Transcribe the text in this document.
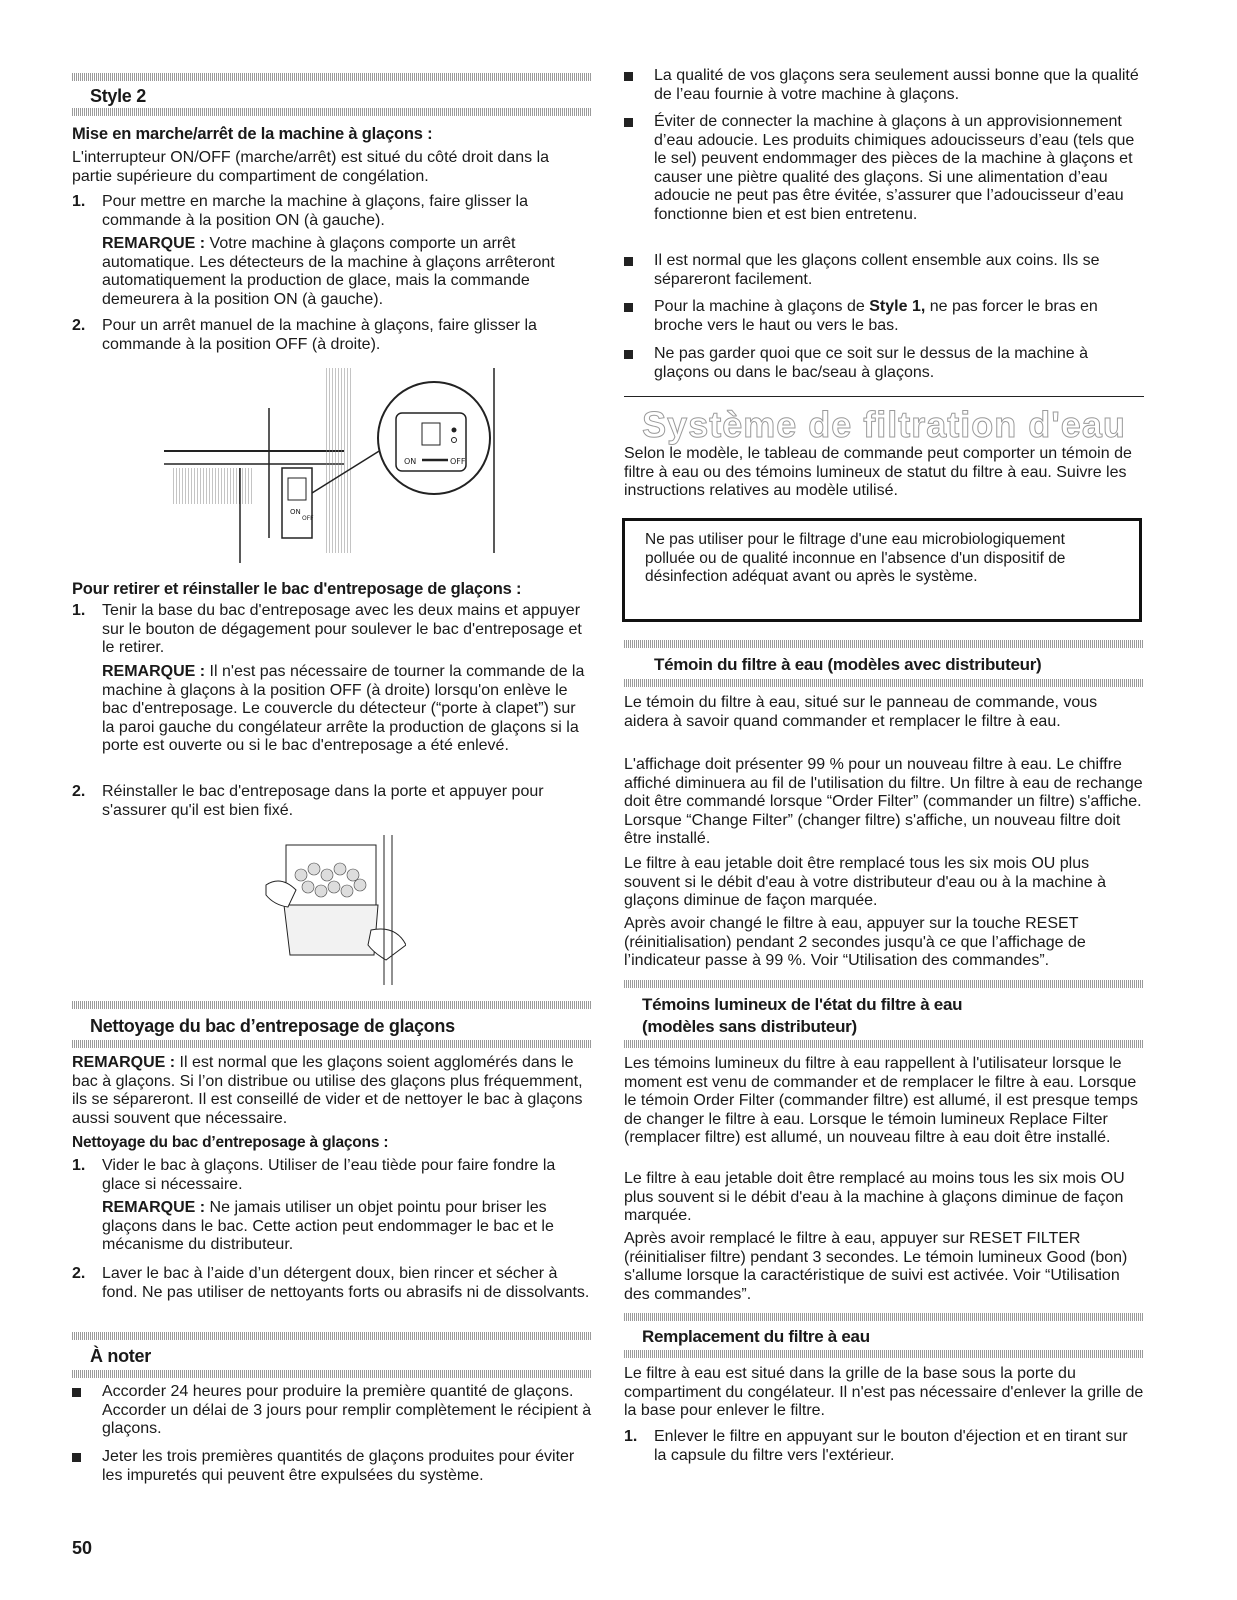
Style 2
Mise en marche/arrêt de la machine à glaçons :

L'interrupteur ON/OFF (marche/arrêt) est situé du côté droit dans la partie supérieure du compartiment de congélation.

1. Pour mettre en marche la machine à glaçons, faire glisser la commande à la position ON (à gauche).

REMARQUE : Votre machine à glaçons comporte un arrêt automatique. Les détecteurs de la machine à glaçons arrêteront automatiquement la production de glace, mais la commande demeurera à la position ON (à gauche).

2. Pour un arrêt manuel de la machine à glaçons, faire glisser la commande à la position OFF (à droite).

ON
OFF
ON	OFF
Pour retirer et réinstaller le bac d'entreposage de glaçons :
1. Tenir la base du bac d'entreposage avec les deux mains et appuyer sur le bouton de dégagement pour soulever le bac d'entreposage et le retirer.

REMARQUE : Il n'est pas nécessaire de tourner la commande de la machine à glaçons à la position OFF (à droite) lorsqu'on enlève le bac d'entreposage. Le couvercle du détecteur (“porte à clapet”) sur la paroi gauche du congélateur arrête la production de glaçons si la porte est ouverte ou si le bac d'entreposage a été enlevé.

2. Réinstaller le bac d'entreposage dans la porte et appuyer pour s'assurer qu'il est bien fixé.

Nettoyage du bac d’entreposage de glaçons

REMARQUE : Il est normal que les glaçons soient agglomérés dans le bac à glaçons. Si l’on distribue ou utilise des glaçons plus fréquemment, ils se sépareront. Il est conseillé de vider et de nettoyer le bac à glaçons aussi souvent que nécessaire.

Nettoyage du bac d’entreposage à glaçons :
1. Vider le bac à glaçons. Utiliser de l’eau tiède pour faire fondre la glace si nécessaire.

REMARQUE : Ne jamais utiliser un objet pointu pour briser les glaçons dans le bac. Cette action peut endommager le bac et le mécanisme du distributeur.

2. Laver le bac à l’aide d’un détergent doux, bien rincer et sécher à fond. Ne pas utiliser de nettoyants forts ou abrasifs ni de dissolvants.

À noter

Accorder 24 heures pour produire la première quantité de glaçons. Accorder un délai de 3 jours pour remplir complètement le récipient à glaçons.

Jeter les trois premières quantités de glaçons produites pour éviter les impuretés qui peuvent être expulsées du système.

50

La qualité de vos glaçons sera seulement aussi bonne que la qualité de l’eau fournie à votre machine à glaçons.

Éviter de connecter la machine à glaçons à un approvisionnement d’eau adoucie. Les produits chimiques adoucisseurs d’eau (tels que le sel) peuvent endommager des pièces de la machine à glaçons et causer une piètre qualité des glaçons. Si une alimentation d’eau adoucie ne peut pas être évitée, s’assurer que l’adoucisseur d’eau fonctionne bien et est bien entretenu.

Il est normal que les glaçons collent ensemble aux coins. Ils se sépareront facilement.

Pour la machine à glaçons de Style 1, ne pas forcer le bras en broche vers le haut ou vers le bas.

Ne pas garder quoi que ce soit sur le dessus de la machine à glaçons ou dans le bac/seau à glaçons.

Système de filtration d'eau

Selon le modèle, le tableau de commande peut comporter un témoin de filtre à eau ou des témoins lumineux de statut du filtre à eau. Suivre les instructions relatives au modèle utilisé.

Ne pas utiliser pour le filtrage d'une eau microbiologiquement polluée ou de qualité inconnue en l'absence d'un dispositif de désinfection adéquat avant ou après le système.

Témoin du filtre à eau (modèles avec distributeur)

Le témoin du filtre à eau, situé sur le panneau de commande, vous aidera à savoir quand commander et remplacer le filtre à eau.

L'affichage doit présenter 99 % pour un nouveau filtre à eau. Le chiffre affiché diminuera au fil de l'utilisation du filtre. Un filtre à eau de rechange doit être commandé lorsque “Order Filter” (commander un filtre) s'affiche. Lorsque “Change Filter” (changer filtre) s'affiche, un nouveau filtre doit être installé.

Le filtre à eau jetable doit être remplacé tous les six mois OU plus souvent si le débit d'eau à votre distributeur d'eau ou à la machine à glaçons diminue de façon marquée.

Après avoir changé le filtre à eau, appuyer sur la touche RESET (réinitialisation) pendant 2 secondes jusqu'à ce que l’affichage de l’indicateur passe à 99 %. Voir “Utilisation des commandes”.

Témoins lumineux de l'état du filtre à eau
(modèles sans distributeur)

Les témoins lumineux du filtre à eau rappellent à l'utilisateur lorsque le moment est venu de commander et de remplacer le filtre à eau. Lorsque le témoin Order Filter (commander filtre) est allumé, il est presque temps de changer le filtre à eau. Lorsque le témoin lumineux Replace Filter (remplacer filtre) est allumé, un nouveau filtre à eau doit être installé.

Le filtre à eau jetable doit être remplacé au moins tous les six mois OU plus souvent si le débit d'eau à la machine à glaçons diminue de façon marquée.

Après avoir remplacé le filtre à eau, appuyer sur RESET FILTER (réinitialiser filtre) pendant 3 secondes. Le témoin lumineux Good (bon) s'allume lorsque la caractéristique de suivi est activée. Voir “Utilisation des commandes”.

Remplacement du filtre à eau

Le filtre à eau est situé dans la grille de la base sous la porte du compartiment du congélateur. Il n'est pas nécessaire d'enlever la grille de la base pour enlever le filtre.

1. Enlever le filtre en appuyant sur le bouton d'éjection et en tirant sur la capsule du filtre vers l'extérieur.
